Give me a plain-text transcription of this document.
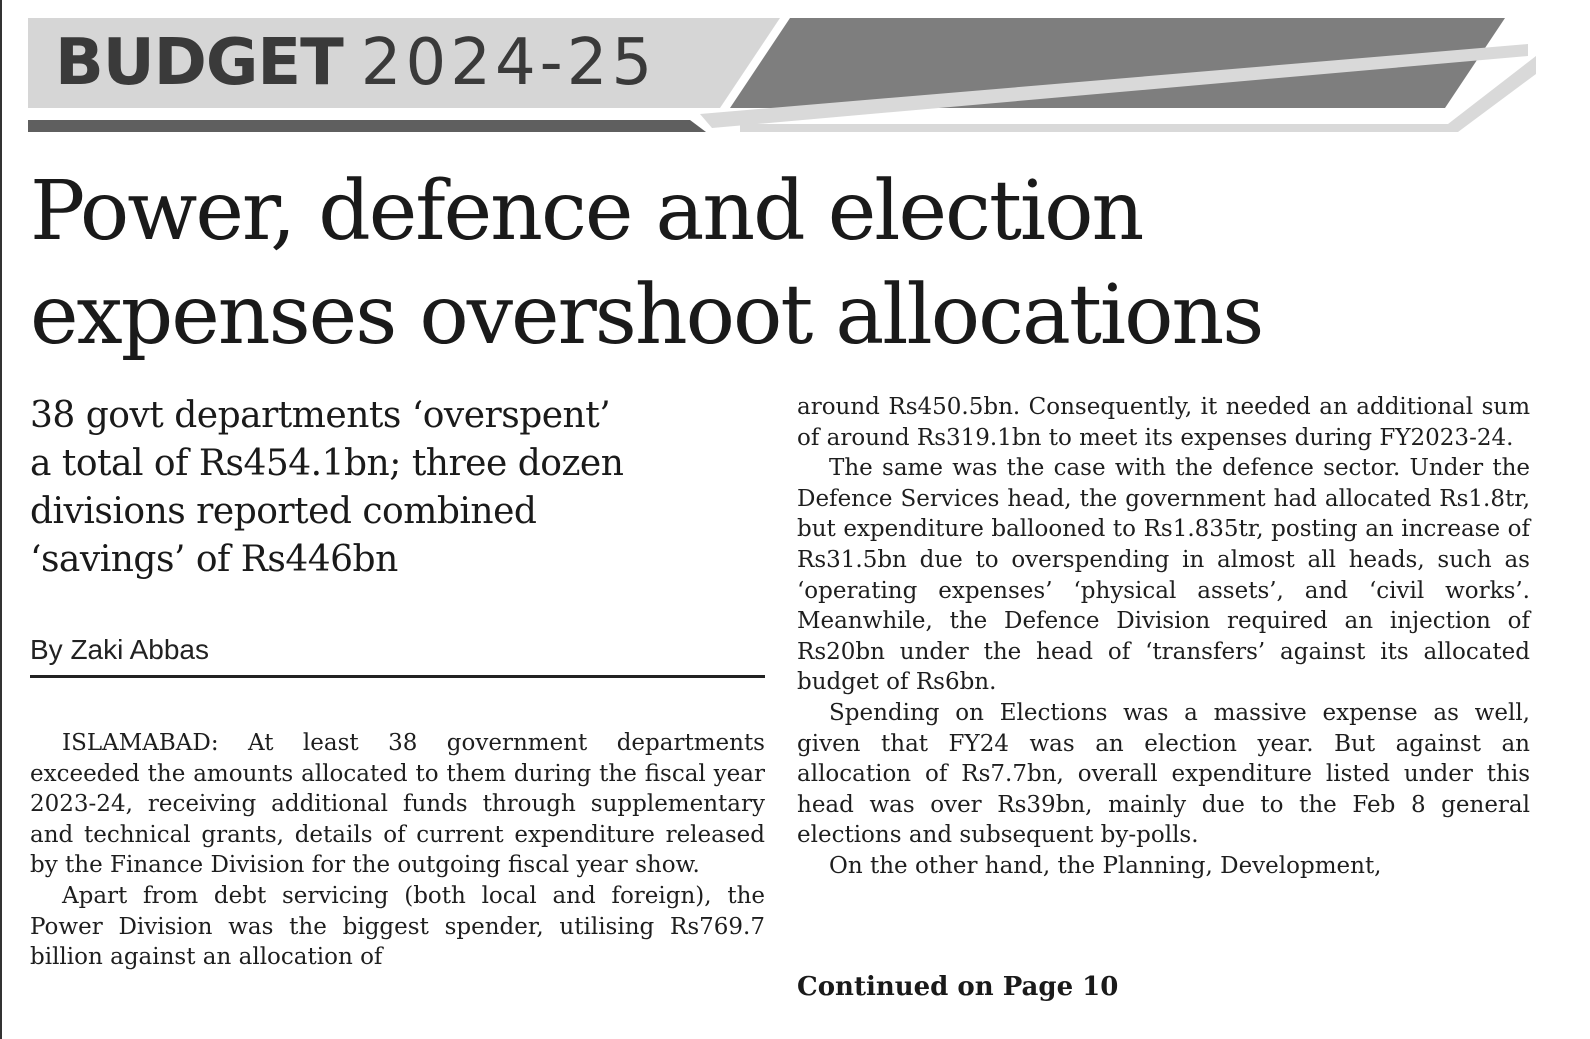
BUDGET 2024-25
Power, defence and election
expenses overshoot allocations
38 govt departments ‘overspent’
a total of Rs454.1bn; three dozen
divisions reported combined
‘savings’ of Rs446bn
By Zaki Abbas

ISLAMABAD: At least 38 government departments exceeded the amounts allocated to them during the fiscal year 2023-24, receiving additional funds through supplementary and technical grants, details of current expenditure released by the Finance Division for the outgoing fiscal year show.

Apart from debt servicing (both local and foreign), the Power Division was the biggest spender, utilising Rs769.7 billion against an allocation of

around Rs450.5bn. Consequently, it needed an additional sum of around Rs319.1bn to meet its expenses during FY2023-24.

The same was the case with the defence sector. Under the Defence Services head, the government had allocated Rs1.8tr, but expenditure ballooned to Rs1.835tr, posting an increase of Rs31.5bn due to overspending in almost all heads, such as ‘operating expenses’ ‘physical assets’, and ‘civil works’. Meanwhile, the Defence Division required an injection of Rs20bn under the head of ‘transfers’ against its allocated budget of Rs6bn.

Spending on Elections was a massive expense as well, given that FY24 was an election year. But against an allocation of Rs7.7bn, overall expenditure listed under this head was over Rs39bn, mainly due to the Feb 8 general elections and subsequent by-polls.

On the other hand, the Planning, Development,

Continued on Page 10
